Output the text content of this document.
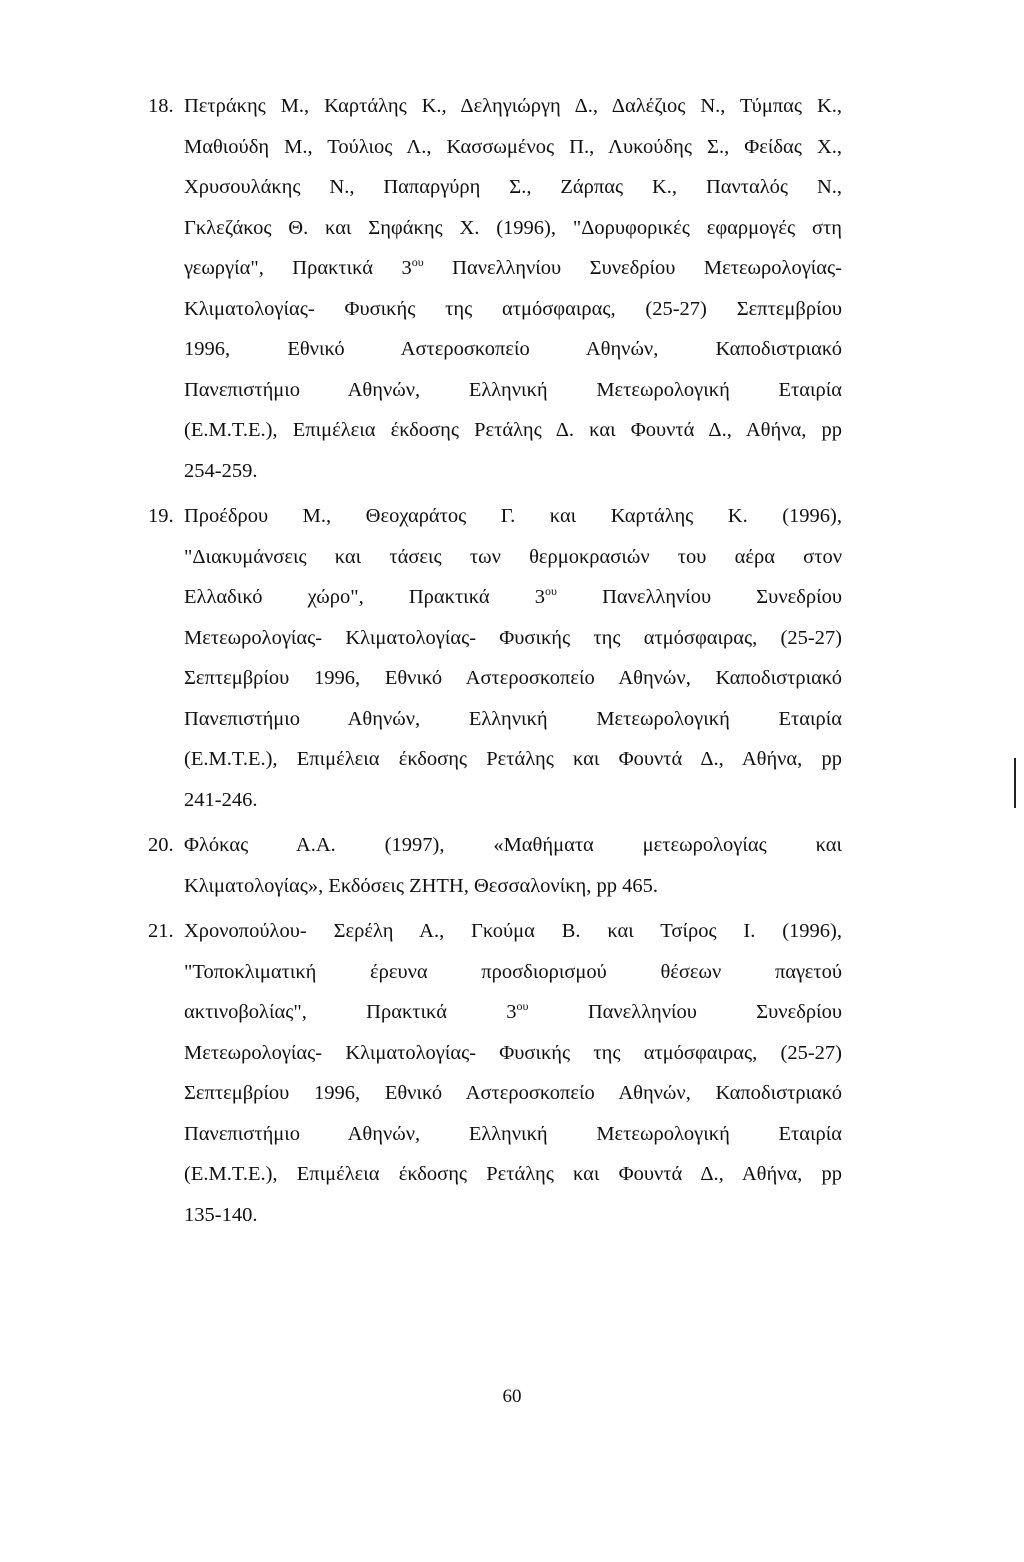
18. Πετράκης Μ., Καρτάλης Κ., Δεληγιώργη Δ., Δαλέζιος Ν., Τύμπας Κ.,
Μαθιούδη Μ., Τούλιος Λ., Κασσωμένος Π., Λυκούδης Σ., Φείδας Χ.,
Χρυσουλάκης Ν., Παπαργύρη Σ., Ζάρπας Κ., Πανταλός Ν.,
Γκλεζάκος Θ. και Σηφάκης Χ. (1996), "Δορυφορικές εφαρμογές στη
γεωργία", Πρακτικά $3^{o\upsilon}$ Πανελληνίου Συνεδρίου Μετεωρολογίας-
Κλιματολογίας- Φυσικής της ατμόσφαιρας, (25-27) Σεπτεμβρίου
1996, Εθνικό Αστεροσκοπείο Αθηνών, Καποδιστριακό
Πανεπιστήμιο Αθηνών, Ελληνική Μετεωρολογική Εταιρία
(Ε.Μ.Τ.Ε.), Επιμέλεια έκδοσης Ρετάλης Δ. και Φουντά Δ., Αθήνα, pp
254-259.
19. Προέδρου Μ., Θεοχαράτος Γ. και Καρτάλης Κ. (1996),
"Διακυμάνσεις και τάσεις των θερμοκρασιών του αέρα στον
Ελλαδικό χώρο", Πρακτικά $3^{o\upsilon}$ Πανελληνίου Συνεδρίου
Μετεωρολογίας- Κλιματολογίας- Φυσικής της ατμόσφαιρας, (25-27)
Σεπτεμβρίου 1996, Εθνικό Αστεροσκοπείο Αθηνών, Καποδιστριακό
Πανεπιστήμιο Αθηνών, Ελληνική Μετεωρολογική Εταιρία
(Ε.Μ.Τ.Ε.), Επιμέλεια έκδοσης Ρετάλης και Φουντά Δ., Αθήνα, pp
241-246.
20. Φλόκας Α.Α. (1997), «Μαθήματα μετεωρολογίας και
Κλιματολογίας», Εκδόσεις ΖΗΤΗ, Θεσσαλονίκη, pp 465.
21. Χρονοπούλου- Σερέλη Α., Γκούμα Β. και Τσίρος Ι. (1996),
"Τοποκλιματική έρευνα προσδιορισμού θέσεων παγετού
ακτινοβολίας", Πρακτικά $3^{o\upsilon}$ Πανελληνίου Συνεδρίου
Μετεωρολογίας- Κλιματολογίας- Φυσικής της ατμόσφαιρας, (25-27)
Σεπτεμβρίου 1996, Εθνικό Αστεροσκοπείο Αθηνών, Καποδιστριακό
Πανεπιστήμιο Αθηνών, Ελληνική Μετεωρολογική Εταιρία
(Ε.Μ.Τ.Ε.), Επιμέλεια έκδοσης Ρετάλης και Φουντά Δ., Αθήνα, pp
135-140.
60
